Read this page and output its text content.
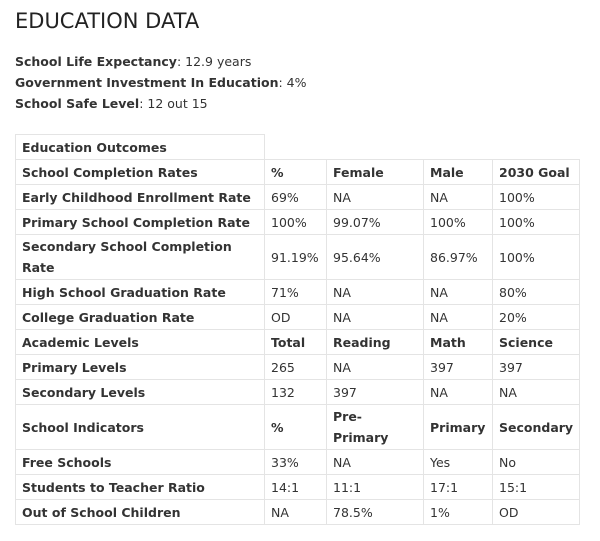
EDUCATION DATA
School Life Expectancy: 12.9 years
Government Investment In Education: 4%
School Safe Level: 12 out 15
Education Outcomes				
School Completion Rates	%	Female	Male	2030 Goal
Early Childhood Enrollment Rate	69%	NA	NA	100%
Primary School Completion Rate	100%	99.07%	100%	100%
Secondary School Completion Rate	91.19%	95.64%	86.97%	100%
High School Graduation Rate	71%	NA	NA	80%
College Graduation Rate	OD	NA	NA	20%
Academic Levels	Total	Reading	Math	Science
Primary Levels	265	NA	397	397
Secondary Levels	132	397	NA	NA
School Indicators	%	Pre-Primary	Primary	Secondary
Free Schools	33%	NA	Yes	No
Students to Teacher Ratio	14:1	11:1	17:1	15:1
Out of School Children	NA	78.5%	1%	OD
